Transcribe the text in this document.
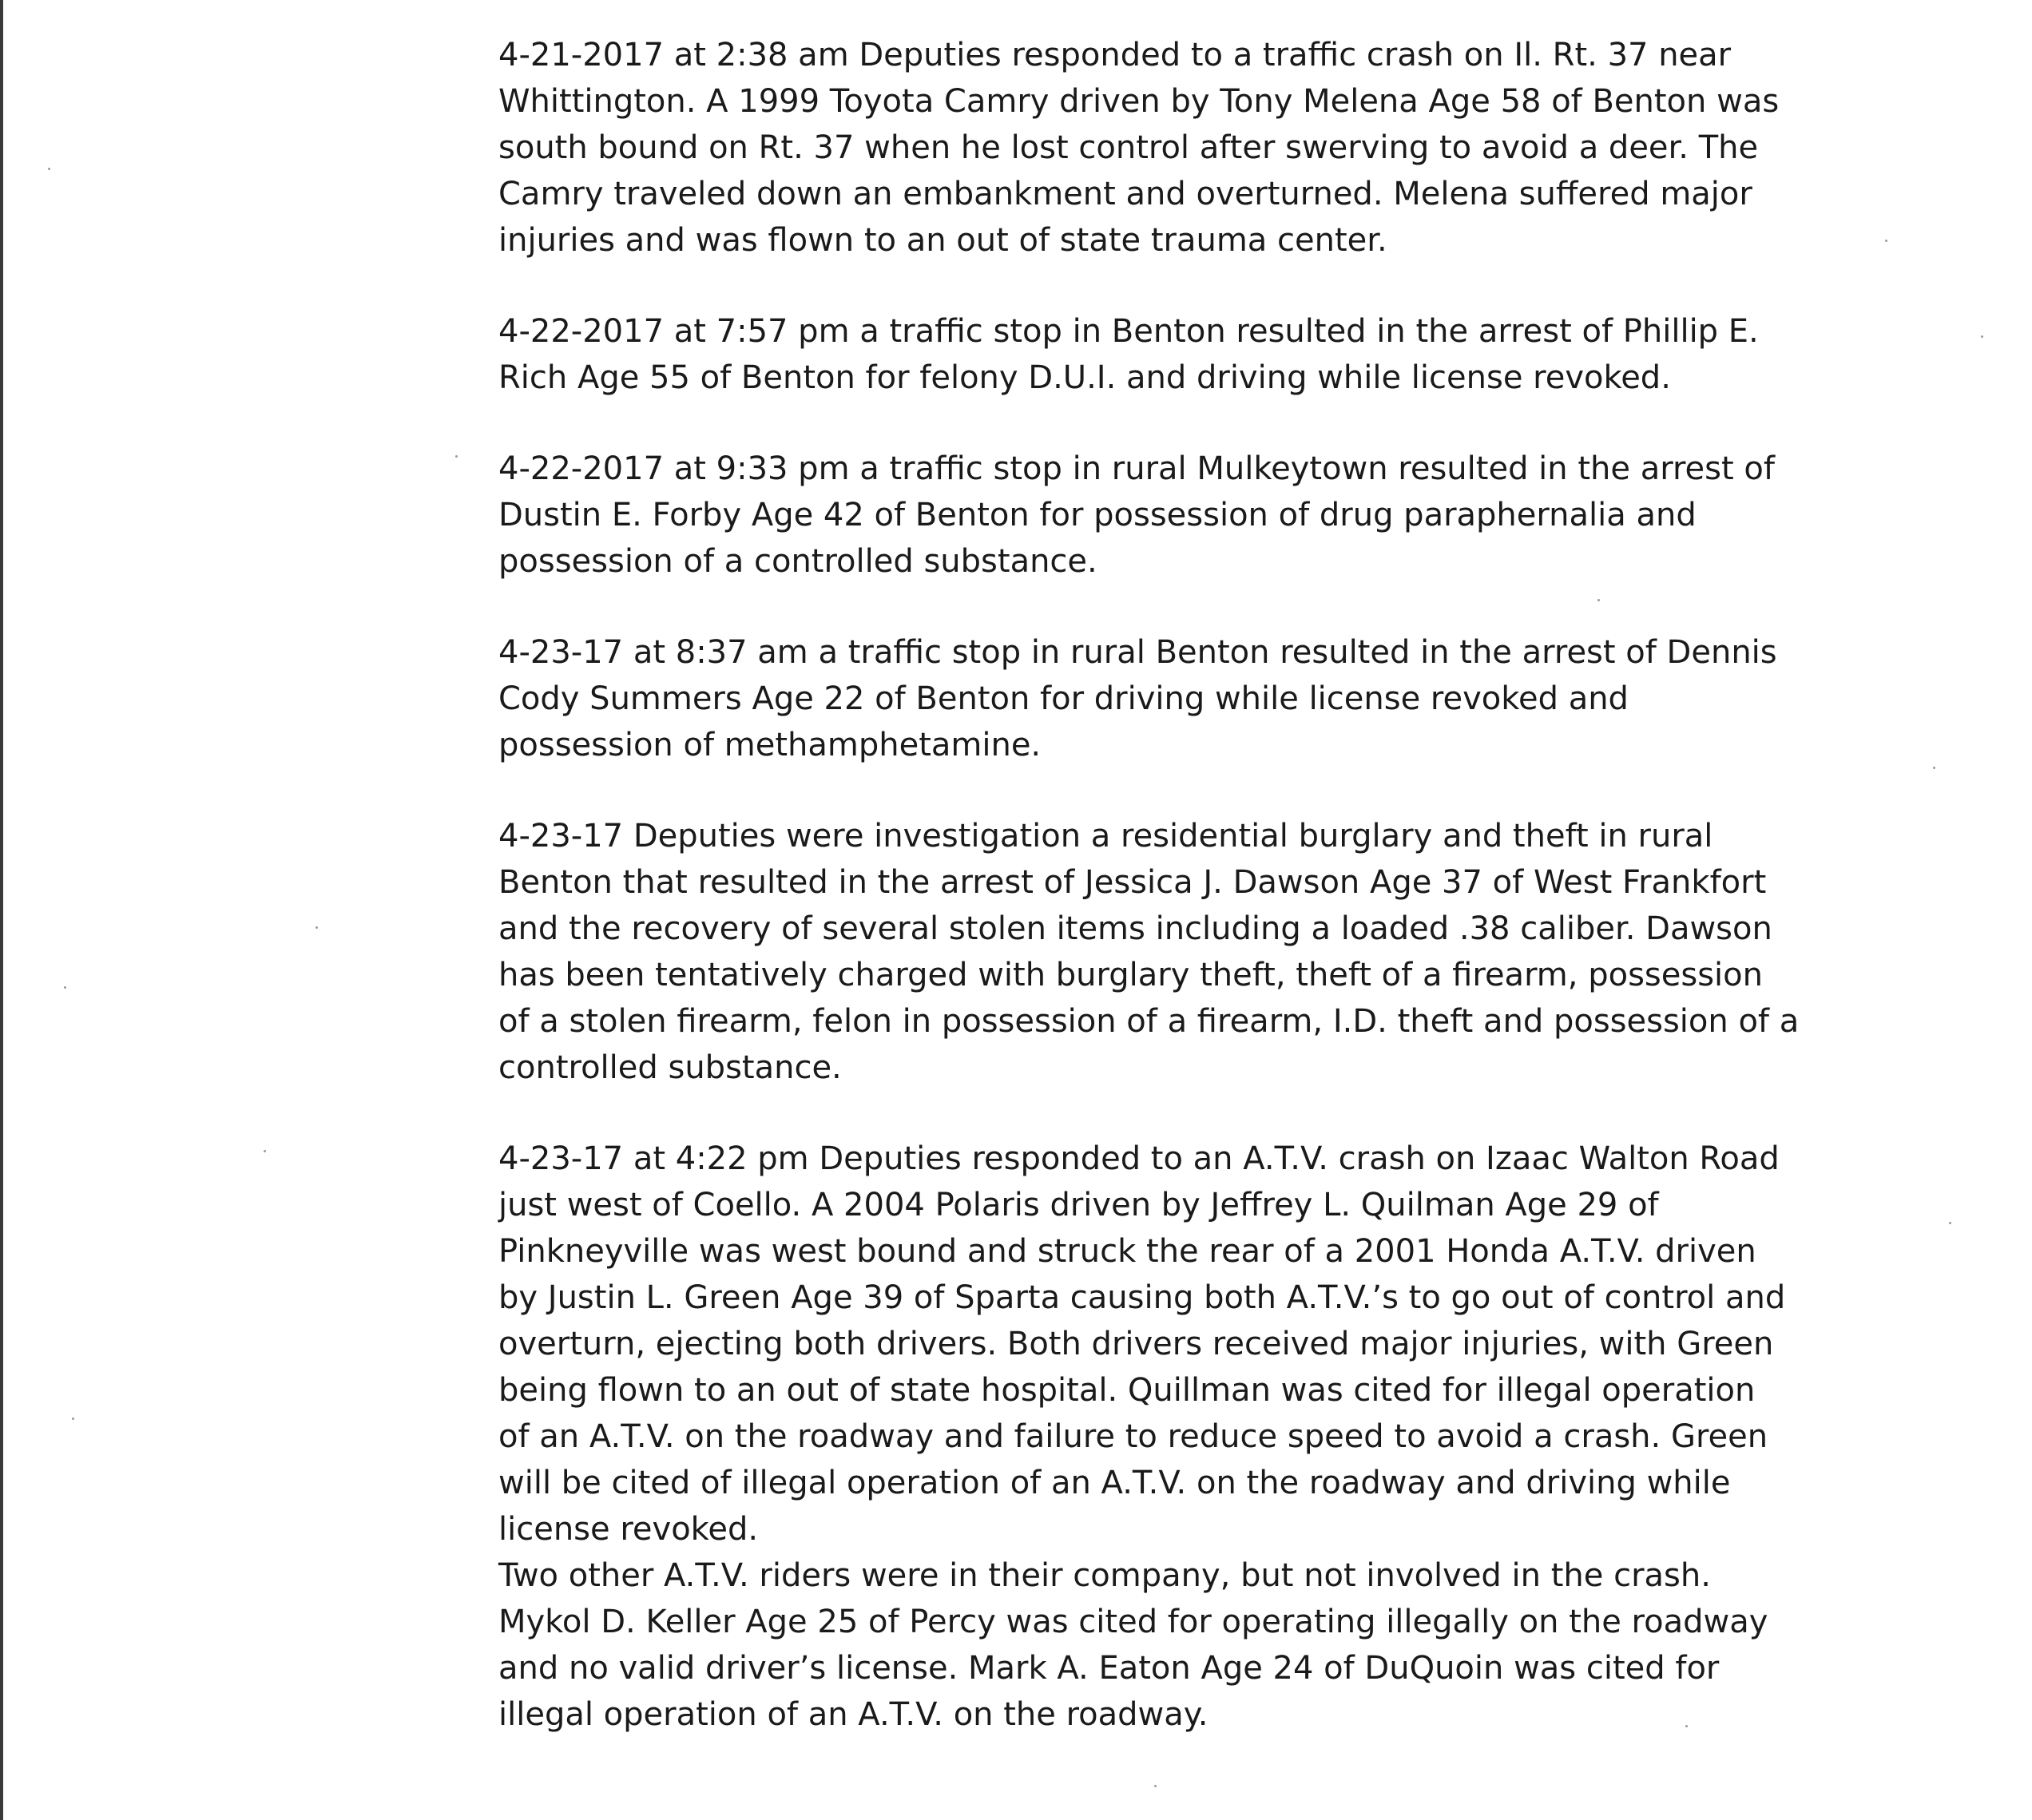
4-21-2017 at 2:38 am Deputies responded to a traffic crash on Il. Rt. 37 near
Whittington. A 1999 Toyota Camry driven by Tony Melena Age 58 of Benton was
south bound on Rt. 37 when he lost control after swerving to avoid a deer. The
Camry traveled down an embankment and overturned. Melena suffered major
injuries and was flown to an out of state trauma center.
4-22-2017 at 7:57 pm a traffic stop in Benton resulted in the arrest of Phillip E.
Rich Age 55 of Benton for felony D.U.I. and driving while license revoked.
4-22-2017 at 9:33 pm a traffic stop in rural Mulkeytown resulted in the arrest of
Dustin E. Forby Age 42 of Benton for possession of drug paraphernalia and
possession of a controlled substance.
4-23-17 at 8:37 am a traffic stop in rural Benton resulted in the arrest of Dennis
Cody Summers Age 22 of Benton for driving while license revoked and
possession of methamphetamine.
4-23-17 Deputies were investigation a residential burglary and theft in rural
Benton that resulted in the arrest of Jessica J. Dawson Age 37 of West Frankfort
and the recovery of several stolen items including a loaded .38 caliber. Dawson
has been tentatively charged with burglary theft, theft of a firearm, possession
of a stolen firearm, felon in possession of a firearm, I.D. theft and possession of a
controlled substance.
4-23-17 at 4:22 pm Deputies responded to an A.T.V. crash on Izaac Walton Road
just west of Coello. A 2004 Polaris driven by Jeffrey L. Quilman Age 29 of
Pinkneyville was west bound and struck the rear of a 2001 Honda A.T.V. driven
by Justin L. Green Age 39 of Sparta causing both A.T.V.’s to go out of control and
overturn, ejecting both drivers. Both drivers received major injuries, with Green
being flown to an out of state hospital. Quillman was cited for illegal operation
of an A.T.V. on the roadway and failure to reduce speed to avoid a crash. Green
will be cited of illegal operation of an A.T.V. on the roadway and driving while
license revoked.
Two other A.T.V. riders were in their company, but not involved in the crash.
Mykol D. Keller Age 25 of Percy was cited for operating illegally on the roadway
and no valid driver’s license. Mark A. Eaton Age 24 of DuQuoin was cited for
illegal operation of an A.T.V. on the roadway.
